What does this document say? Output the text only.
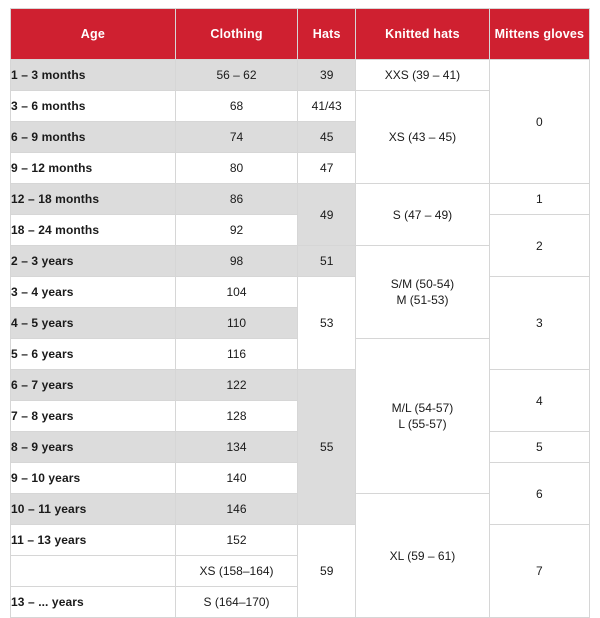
Age	Clothing	Hats	Knitted hats	Mittens gloves
1 – 3 months	56 – 62	39	XXS (39 – 41)	0
3 – 6 months	68	41/43	XS (43 – 45)	
6 – 9 months	74	45		
9 – 12 months	80	47		
12 – 18 months	86	49	S (47 – 49)	1
18 – 24 months	92			2
2 – 3 years	98	51	S/M (50-54)
M (51-53)	
3 – 4 years	104	53		3
4 – 5 years	110			
5 – 6 years	116		M/L (54-57)
L (55-57)	
6 – 7 years	122	55		4
7 – 8 years	128			
8 – 9 years	134			5
9 – 10 years	140			6
10 – 11 years	146		XL (59 – 61)	
11 – 13 years	152	59		7
	XS (158–164)			
13 – ... years	S (164–170)			
